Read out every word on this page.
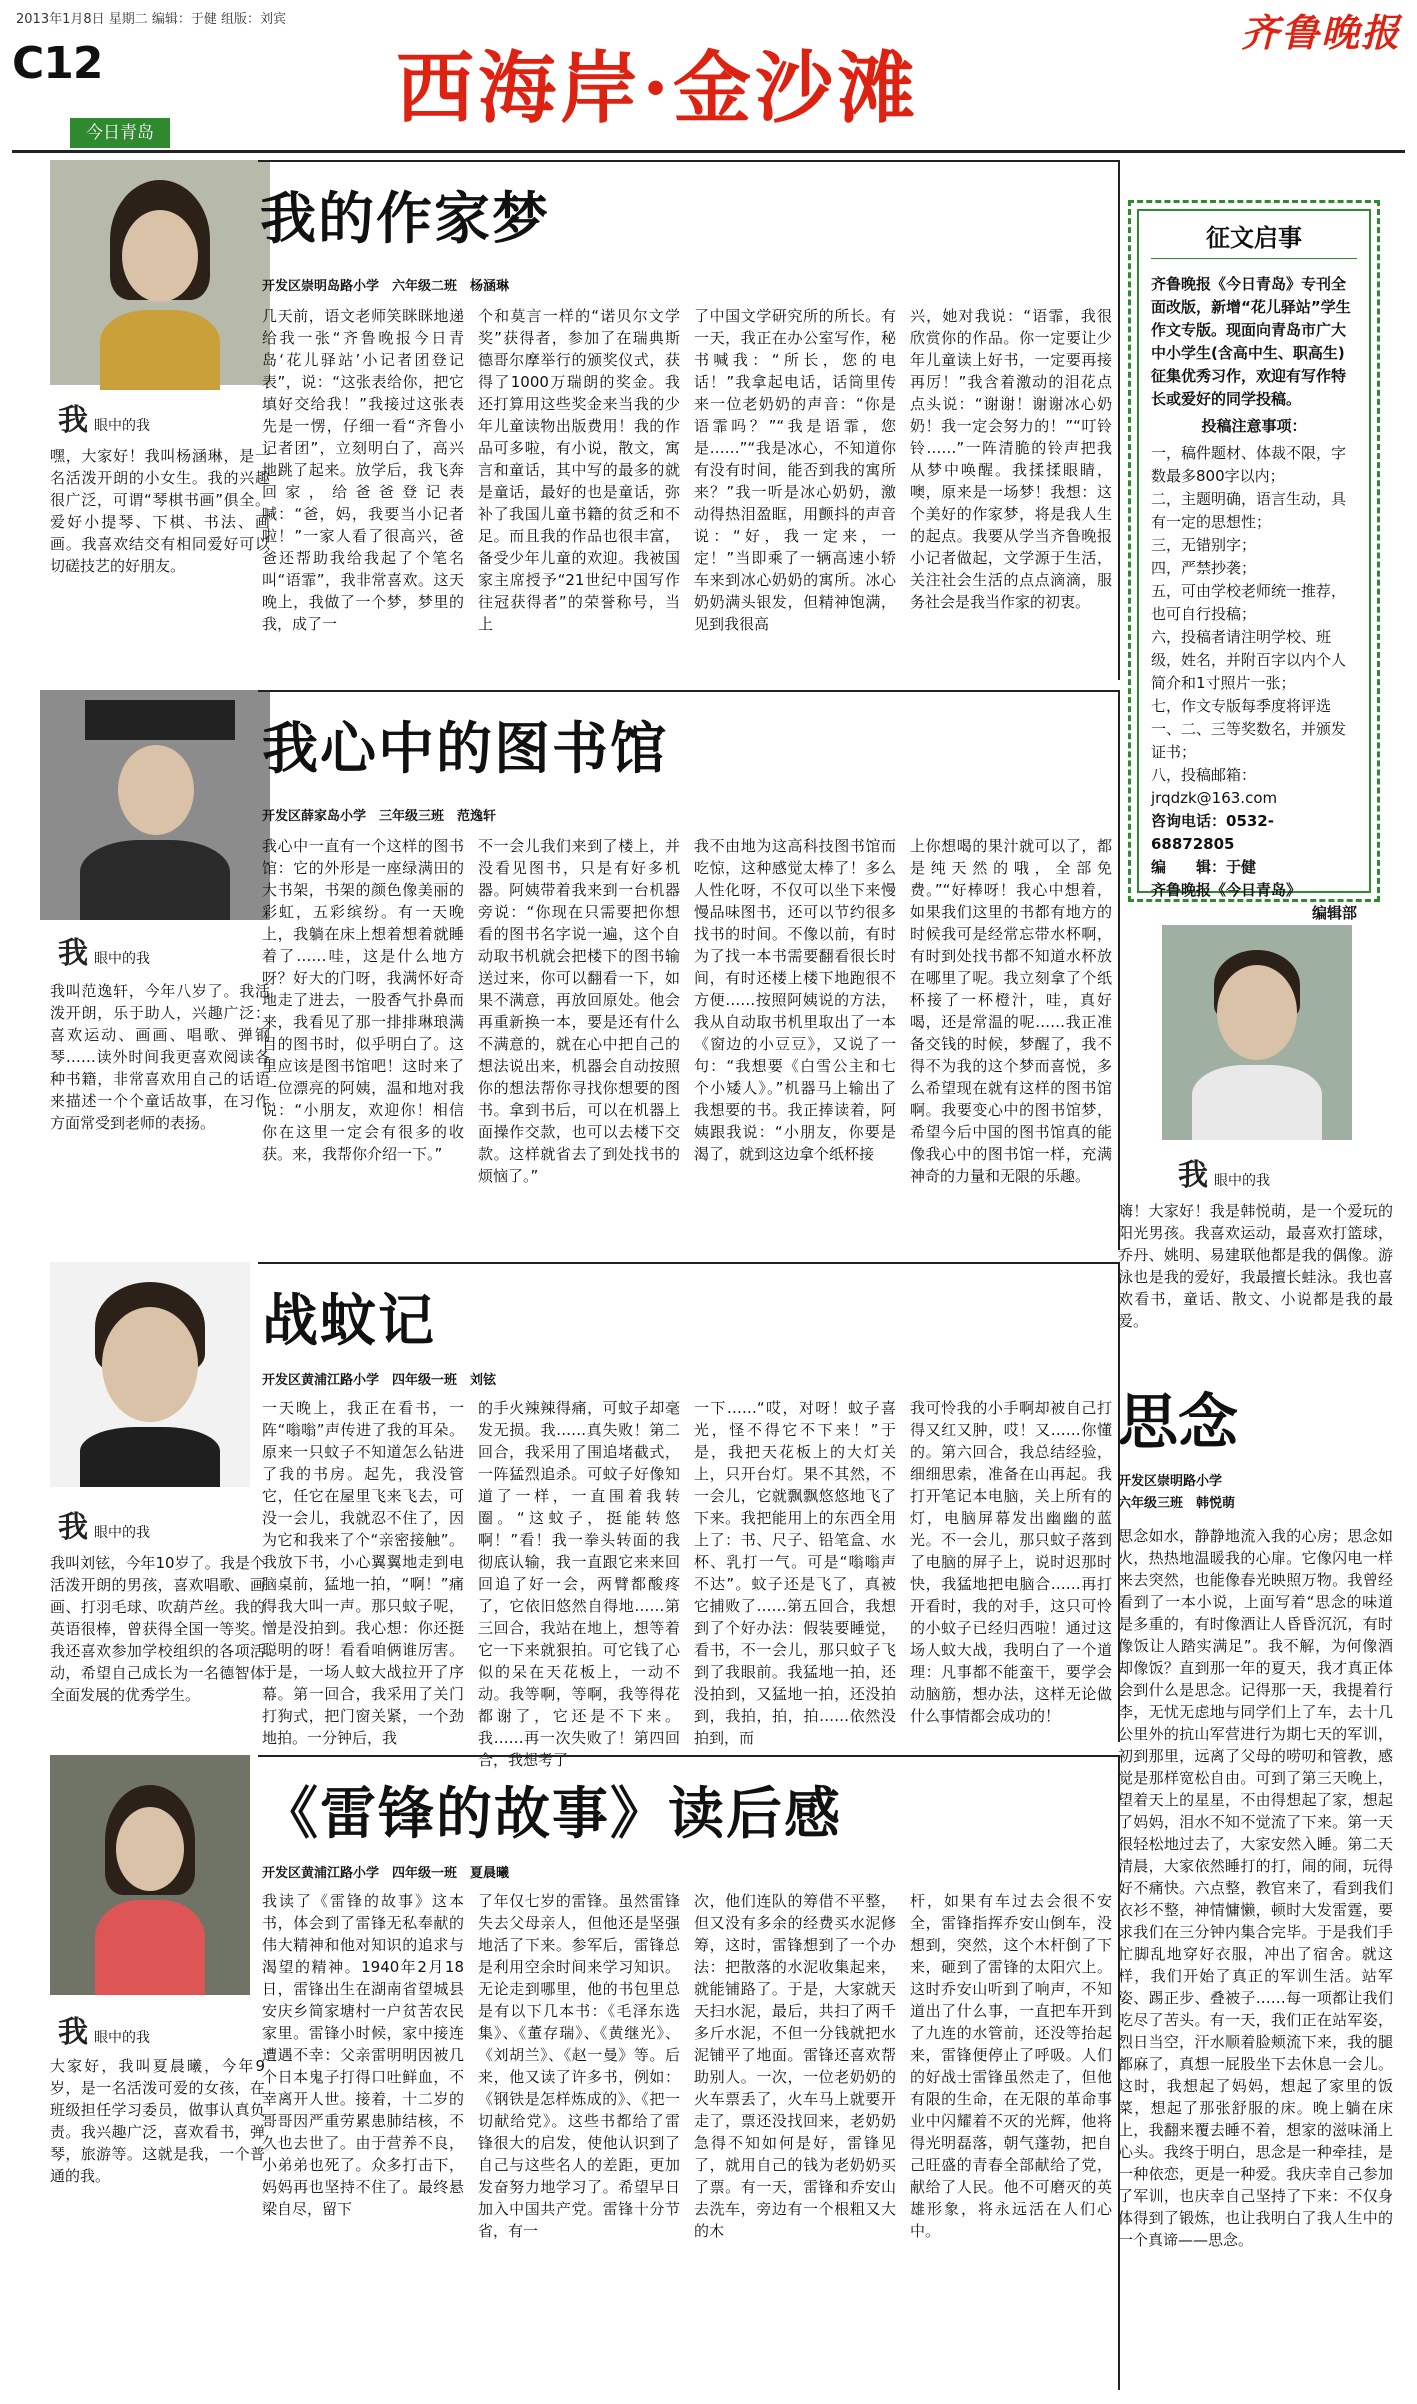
2013年1月8日 星期二 编辑：于健 组版：刘宾	齐鲁晚报
C12	西海岸·金沙滩
今日青岛
我眼中的我
嘿，大家好！我叫杨涵琳，是一名活泼开朗的小女生。我的兴趣很广泛，可谓“琴棋书画”俱全。爱好小提琴、下棋、书法、画画。我喜欢结交有相同爱好可以切磋技艺的好朋友。
我的作家梦
开发区崇明岛路小学　六年级二班　杨涵琳
几天前，语文老师笑眯眯地递给我一张“齐鲁晚报今日青岛‘花儿驿站’小记者团登记表”，说：“这张表给你，把它填好交给我！”我接过这张表先是一愣，仔细一看“齐鲁小记者团”，立刻明白了，高兴地跳了起来。放学后，我飞奔回家，给爸爸登记表喊：“爸，妈，我要当小记者啦！”一家人看了很高兴，爸爸还帮助我给我起了个笔名叫“语霏”，我非常喜欢。这天晚上，我做了一个梦，梦里的我，成了一
个和莫言一样的“诺贝尔文学奖”获得者，参加了在瑞典斯德哥尔摩举行的颁奖仪式，获得了1000万瑞朗的奖金。我还打算用这些奖金来当我的少年儿童读物出版费用！我的作品可多啦，有小说，散文，寓言和童话，其中写的最多的就是童话，最好的也是童话，弥补了我国儿童书籍的贫乏和不足。而且我的作品也很丰富，备受少年儿童的欢迎。我被国家主席授予“21世纪中国写作往冠获得者”的荣誉称号，当上
了中国文学研究所的所长。有一天，我正在办公室写作，秘书喊我：“所长，您的电话！”我拿起电话，话筒里传来一位老奶奶的声音：“你是语霏吗？”“我是语霏，您是……”“我是冰心，不知道你有没有时间，能否到我的寓所来？”我一听是冰心奶奶，激动得热泪盈眶，用颤抖的声音说：“好，我一定来，一定！”当即乘了一辆高速小轿车来到冰心奶奶的寓所。冰心奶奶满头银发，但精神饱满，见到我很高
兴，她对我说：“语霏，我很欣赏你的作品。你一定要让少年儿童读上好书，一定要再接再厉！”我含着激动的泪花点点头说：“谢谢！谢谢冰心奶奶！我一定会努力的！”“叮铃铃……”一阵清脆的铃声把我从梦中唤醒。我揉揉眼睛，噢，原来是一场梦！我想：这个美好的作家梦，将是我人生的起点。我要从学当齐鲁晚报小记者做起，文学源于生活，关注社会生活的点点滴滴，服务社会是我当作家的初衷。
我眼中的我
我叫范逸轩，今年八岁了。我活泼开朗，乐于助人，兴趣广泛：喜欢运动、画画、唱歌、弹钢琴……读外时间我更喜欢阅读各种书籍，非常喜欢用自己的话语来描述一个个童话故事，在习作方面常受到老师的表扬。
我心中的图书馆
开发区薛家岛小学　三年级三班　范逸轩
我心中一直有一个这样的图书馆：它的外形是一座绿满田的大书架，书架的颜色像美丽的彩虹，五彩缤纷。有一天晚上，我躺在床上想着想着就睡着了……哇，这是什么地方呀？好大的门呀，我满怀好奇地走了进去，一股香气扑鼻而来，我看见了那一排排琳琅满目的图书时，似乎明白了。这里应该是图书馆吧！这时来了一位漂亮的阿姨，温和地对我说：“小朋友，欢迎你！相信你在这里一定会有很多的收获。来，我帮你介绍一下。”
不一会儿我们来到了楼上，并没看见图书，只是有好多机器。阿姨带着我来到一台机器旁说：“你现在只需要把你想看的图书名字说一遍，这个自动取书机就会把楼下的图书输送过来，你可以翻看一下，如果不满意，再放回原处。他会再重新换一本，要是还有什么不满意的，就在心中把自己的想法说出来，机器会自动按照你的想法帮你寻找你想要的图书。拿到书后，可以在机器上面操作交款，也可以去楼下交款。这样就省去了到处找书的烦恼了。”
我不由地为这高科技图书馆而吃惊，这种感觉太棒了！多么人性化呀，不仅可以坐下来慢慢品味图书，还可以节约很多找书的时间。不像以前，有时为了找一本书需要翻看很长时间，有时还楼上楼下地跑很不方便……按照阿姨说的方法，我从自动取书机里取出了一本《窗边的小豆豆》，又说了一句：“我想要《白雪公主和七个小矮人》。”机器马上输出了我想要的书。我正捧读着，阿姨跟我说：“小朋友，你要是渴了，就到这边拿个纸杯接
上你想喝的果汁就可以了，都是纯天然的哦，全部免费。”“好棒呀！我心中想着，如果我们这里的书都有地方的时候我可是经常忘带水杯啊，有时到处找书都不知道水杯放在哪里了呢。我立刻拿了个纸杯接了一杯橙汁，哇，真好喝，还是常温的呢……我正准备交钱的时候，梦醒了，我不得不为我的这个梦而喜悦，多么希望现在就有这样的图书馆啊。我要变心中的图书馆梦，希望今后中国的图书馆真的能像我心中的图书馆一样，充满神奇的力量和无限的乐趣。
我眼中的我
我叫刘铉，今年10岁了。我是个活泼开朗的男孩，喜欢唱歌、画画、打羽毛球、吹葫芦丝。我的英语很棒，曾获得全国一等奖。我还喜欢参加学校组织的各项活动，希望自己成长为一名德智体全面发展的优秀学生。
战蚊记
开发区黄浦江路小学　四年级一班　刘铉
一天晚上，我正在看书，一阵“嗡嗡”声传进了我的耳朵。原来一只蚊子不知道怎么钻进了我的书房。起先，我没管它，任它在屋里飞来飞去，可没一会儿，我就忍不住了，因为它和我来了个“亲密接触”。我放下书，小心翼翼地走到电脑桌前，猛地一拍，“啊！”痛得我大叫一声。那只蚊子呢，憎是没拍到。我心想：你还挺聪明的呀！看看咱俩谁厉害。于是，一场人蚊大战拉开了序幕。第一回合，我采用了关门打狗式，把门窗关紧，一个劲地拍。一分钟后，我
的手火辣辣得痛，可蚊子却毫发无损。我……真失败！第二回合，我采用了围追堵截式，一阵猛烈追杀。可蚊子好像知道了一样，一直围着我转圈。“这蚊子，挺能转悠啊！”看！我一拳头转面的我彻底认输，我一直跟它来来回回追了好一会，两臂都酸疼了，它依旧悠然自得地……第三回合，我站在地上，想等着它一下来就狠拍。可它钱了心似的呆在天花板上，一动不动。我等啊，等啊，我等得花都谢了，它还是不下来。我……再一次失败了！第四回合，我想考了
一下……“哎，对呀！蚊子喜光，怪不得它不下来！”于是，我把天花板上的大灯关上，只开台灯。果不其然，不一会儿，它就飘飘悠悠地飞了下来。我把能用上的东西全用上了：书、尺子、铅笔盒、水杯、乳打一气。可是“嗡嗡声不达”。蚊子还是飞了，真被它捕败了……第五回合，我想到了个好办法：假装要睡觉，看书，不一会儿，那只蚊子飞到了我眼前。我猛地一拍，还没拍到，又猛地一拍，还没拍到，我拍，拍，拍……依然没拍到，而
我可怜我的小手啊却被自己打得又红又肿，哎！又……你懂的。第六回合，我总结经验，细细思索，准备在山再起。我打开笔记本电脑，关上所有的灯，电脑屏幕发出幽幽的蓝光。不一会儿，那只蚊子落到了电脑的屏子上，说时迟那时快，我猛地把电脑合……再打开看时，我的对手，这只可怜的小蚊子已经归西啦！通过这场人蚊大战，我明白了一个道理：凡事都不能蛮干，要学会动脑筋，想办法，这样无论做什么事情都会成功的！
我眼中的我
大家好，我叫夏晨曦，今年9岁，是一名活泼可爱的女孩，在班级担任学习委员，做事认真负责。我兴趣广泛，喜欢看书，弹琴，旅游等。这就是我，一个普通的我。
《雷锋的故事》读后感
开发区黄浦江路小学　四年级一班　夏晨曦
我读了《雷锋的故事》这本书，体会到了雷锋无私奉献的伟大精神和他对知识的追求与渴望的精神。1940年2月18日，雷锋出生在湖南省望城县安庆乡简家塘村一户贫苦农民家里。雷锋小时候，家中接连遭遇不幸：父亲雷明明因被几个日本鬼子打得口吐鲜血，不幸离开人世。接着，十二岁的哥哥因严重劳累患肺结核，不久也去世了。由于营养不良，小弟弟也死了。众多打击下，妈妈再也坚持不住了。最终悬梁自尽，留下
了年仅七岁的雷锋。虽然雷锋失去父母亲人，但他还是坚强地活了下来。参军后，雷锋总是利用空余时间来学习知识。无论走到哪里，他的书包里总是有以下几本书：《毛泽东选集》、《董存瑞》、《黄继光》、《刘胡兰》、《赵一曼》等。后来，他又读了许多书，例如：《钢铁是怎样炼成的》、《把一切献给党》。这些书都给了雷锋很大的启发，使他认识到了自己与这些名人的差距，更加发奋努力地学习了。希望早日加入中国共产党。雷锋十分节省，有一
次，他们连队的筹借不平整，但又没有多余的经费买水泥修筹，这时，雷锋想到了一个办法：把散落的水泥收集起来，就能铺路了。于是，大家就天天扫水泥，最后，共扫了两千多斤水泥，不但一分钱就把水泥铺平了地面。雷锋还喜欢帮助别人。一次，一位老奶奶的火车票丢了，火车马上就要开走了，票还没找回来，老奶奶急得不知如何是好，雷锋见了，就用自己的钱为老奶奶买了票。有一天，雷锋和乔安山去洗车，旁边有一个根粗又大的木
杆，如果有车过去会很不安全，雷锋指挥乔安山倒车，没想到，突然，这个木杆倒了下来，砸到了雷锋的太阳穴上。这时乔安山听到了响声，不知道出了什么事，一直把车开到了九连的水管前，还没等抬起来，雷锋便停止了呼吸。人们的好战士雷锋虽然走了，但他有限的生命，在无限的革命事业中闪耀着不灭的光辉，他将得光明磊落，朝气蓬勃，把自己旺盛的青春全部献给了党，献给了人民。他不可磨灭的英雄形象，将永远活在人们心中。
征文启事
齐鲁晚报《今日青岛》专刊全面改版，新增“花儿驿站”学生作文专版。现面向青岛市广大中小学生(含高中生、职高生)征集优秀习作，欢迎有写作特长或爱好的同学投稿。
投稿注意事项：
一，稿件题材、体裁不限，字数最多800字以内；
二，主题明确，语言生动，具有一定的思想性；
三，无错别字；
四，严禁抄袭；
五，可由学校老师统一推荐，也可自行投稿；
六，投稿者请注明学校、班级，姓名，并附百字以内个人简介和1寸照片一张；
七，作文专版每季度将评选一、二、三等奖数名，并颁发证书；
八，投稿邮箱：jrqdzk@163.com
咨询电话：0532-68872805
编　　辑：于健
齐鲁晚报《今日青岛》
编辑部
我眼中的我
嗨！大家好！我是韩悦萌，是一个爱玩的阳光男孩。我喜欢运动，最喜欢打篮球，乔丹、姚明、易建联他都是我的偶像。游泳也是我的爱好，我最擅长蛙泳。我也喜欢看书，童话、散文、小说都是我的最爱。
思念
开发区崇明路小学
六年级三班　韩悦萌
思念如水，静静地流入我的心房；思念如火，热热地温暖我的心扉。它像闪电一样来去突然，也能像春光映照万物。我曾经看到了一本小说，上面写着“思念的味道是多重的，有时像酒让人昏昏沉沉，有时像饭让人踏实满足”。我不解，为何像酒却像饭？直到那一年的夏天，我才真正体会到什么是思念。记得那一天，我提着行李，无忧无虑地与同学们上了车，去十几公里外的抗山军营进行为期七天的军训，初到那里，远离了父母的唠叨和管教，感觉是那样宽松自由。可到了第三天晚上，望着天上的星星，不由得想起了家，想起了妈妈，泪水不知不觉流了下来。第一天很轻松地过去了，大家安然入睡。第二天清晨，大家依然睡打的打，闹的闹，玩得好不痛快。六点整，教官来了，看到我们衣衫不整，神情慵懒，顿时大发雷霆，要求我们在三分钟内集合完毕。于是我们手忙脚乱地穿好衣服，冲出了宿舍。就这样，我们开始了真正的军训生活。站军姿、踢正步、叠被子……每一项都让我们吃尽了苦头。有一天，我们正在站军姿，烈日当空，汗水顺着脸颊流下来，我的腿都麻了，真想一屁股坐下去休息一会儿。这时，我想起了妈妈，想起了家里的饭菜，想起了那张舒服的床。晚上躺在床上，我翻来覆去睡不着，想家的滋味涌上心头。我终于明白，思念是一种牵挂，是一种依恋，更是一种爱。我庆幸自己参加了军训，也庆幸自己坚持了下来：不仅身体得到了锻炼，也让我明白了我人生中的一个真谛——思念。
